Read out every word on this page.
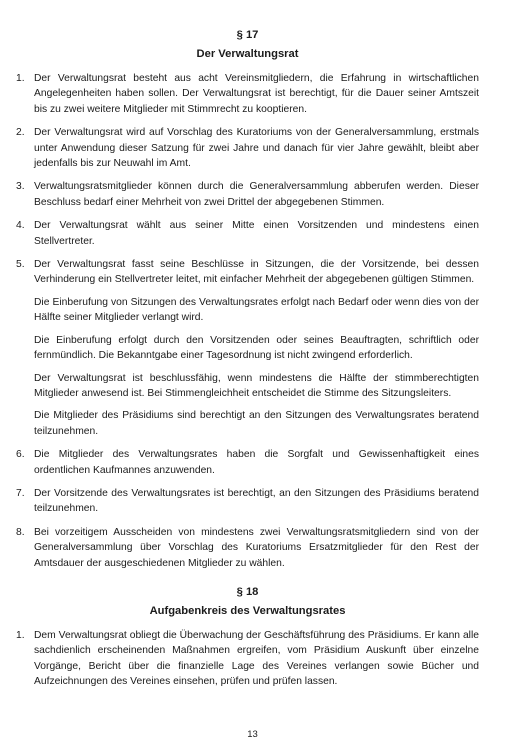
§ 17
Der Verwaltungsrat
1. Der Verwaltungsrat besteht aus acht Vereinsmitgliedern, die Erfahrung in wirtschaftlichen Angelegenheiten haben sollen. Der Verwaltungsrat ist berechtigt, für die Dauer seiner Amtszeit bis zu zwei weitere Mitglieder mit Stimmrecht zu kooptieren.

2. Der Verwaltungsrat wird auf Vorschlag des Kuratoriums von der Generalversammlung, erstmals unter Anwendung dieser Satzung für zwei Jahre und danach für vier Jahre gewählt, bleibt aber jedenfalls bis zur Neuwahl im Amt.

3. Verwaltungsratsmitglieder können durch die Generalversammlung abberufen werden. Dieser Beschluss bedarf einer Mehrheit von zwei Drittel der abgegebenen Stimmen.

4. Der Verwaltungsrat wählt aus seiner Mitte einen Vorsitzenden und mindestens einen Stellvertreter.

5. Der Verwaltungsrat fasst seine Beschlüsse in Sitzungen, die der Vorsitzende, bei dessen Verhinderung ein Stellvertreter leitet, mit einfacher Mehrheit der abgegebenen gültigen Stimmen.

Die Einberufung von Sitzungen des Verwaltungsrates erfolgt nach Bedarf oder wenn dies von der Hälfte seiner Mitglieder verlangt wird.

Die Einberufung erfolgt durch den Vorsitzenden oder seines Beauftragten, schriftlich oder fernmündlich. Die Bekanntgabe einer Tagesordnung ist nicht zwingend erforderlich.

Der Verwaltungsrat ist beschlussfähig, wenn mindestens die Hälfte der stimmberechtigten Mitglieder anwesend ist. Bei Stimmengleichheit entscheidet die Stimme des Sitzungsleiters.

Die Mitglieder des Präsidiums sind berechtigt an den Sitzungen des Verwaltungsrates beratend teilzunehmen.

6. Die Mitglieder des Verwaltungsrates haben die Sorgfalt und Gewissenhaftigkeit eines ordentlichen Kaufmannes anzuwenden.

7. Der Vorsitzende des Verwaltungsrates ist berechtigt, an den Sitzungen des Präsidiums beratend teilzunehmen.

8. Bei vorzeitigem Ausscheiden von mindestens zwei Verwaltungsratsmitgliedern sind von der Generalversammlung über Vorschlag des Kuratoriums Ersatzmitglieder für den Rest der Amtsdauer der ausgeschiedenen Mitglieder zu wählen.

§ 18
Aufgabenkreis des Verwaltungsrates
1. Dem Verwaltungsrat obliegt die Überwachung der Geschäftsführung des Präsidiums. Er kann alle sachdienlich erscheinenden Maßnahmen ergreifen, vom Präsidium Auskunft über einzelne Vorgänge, Bericht über die finanzielle Lage des Vereines verlangen sowie Bücher und Aufzeichnungen des Vereines einsehen, prüfen und prüfen lassen.

13
